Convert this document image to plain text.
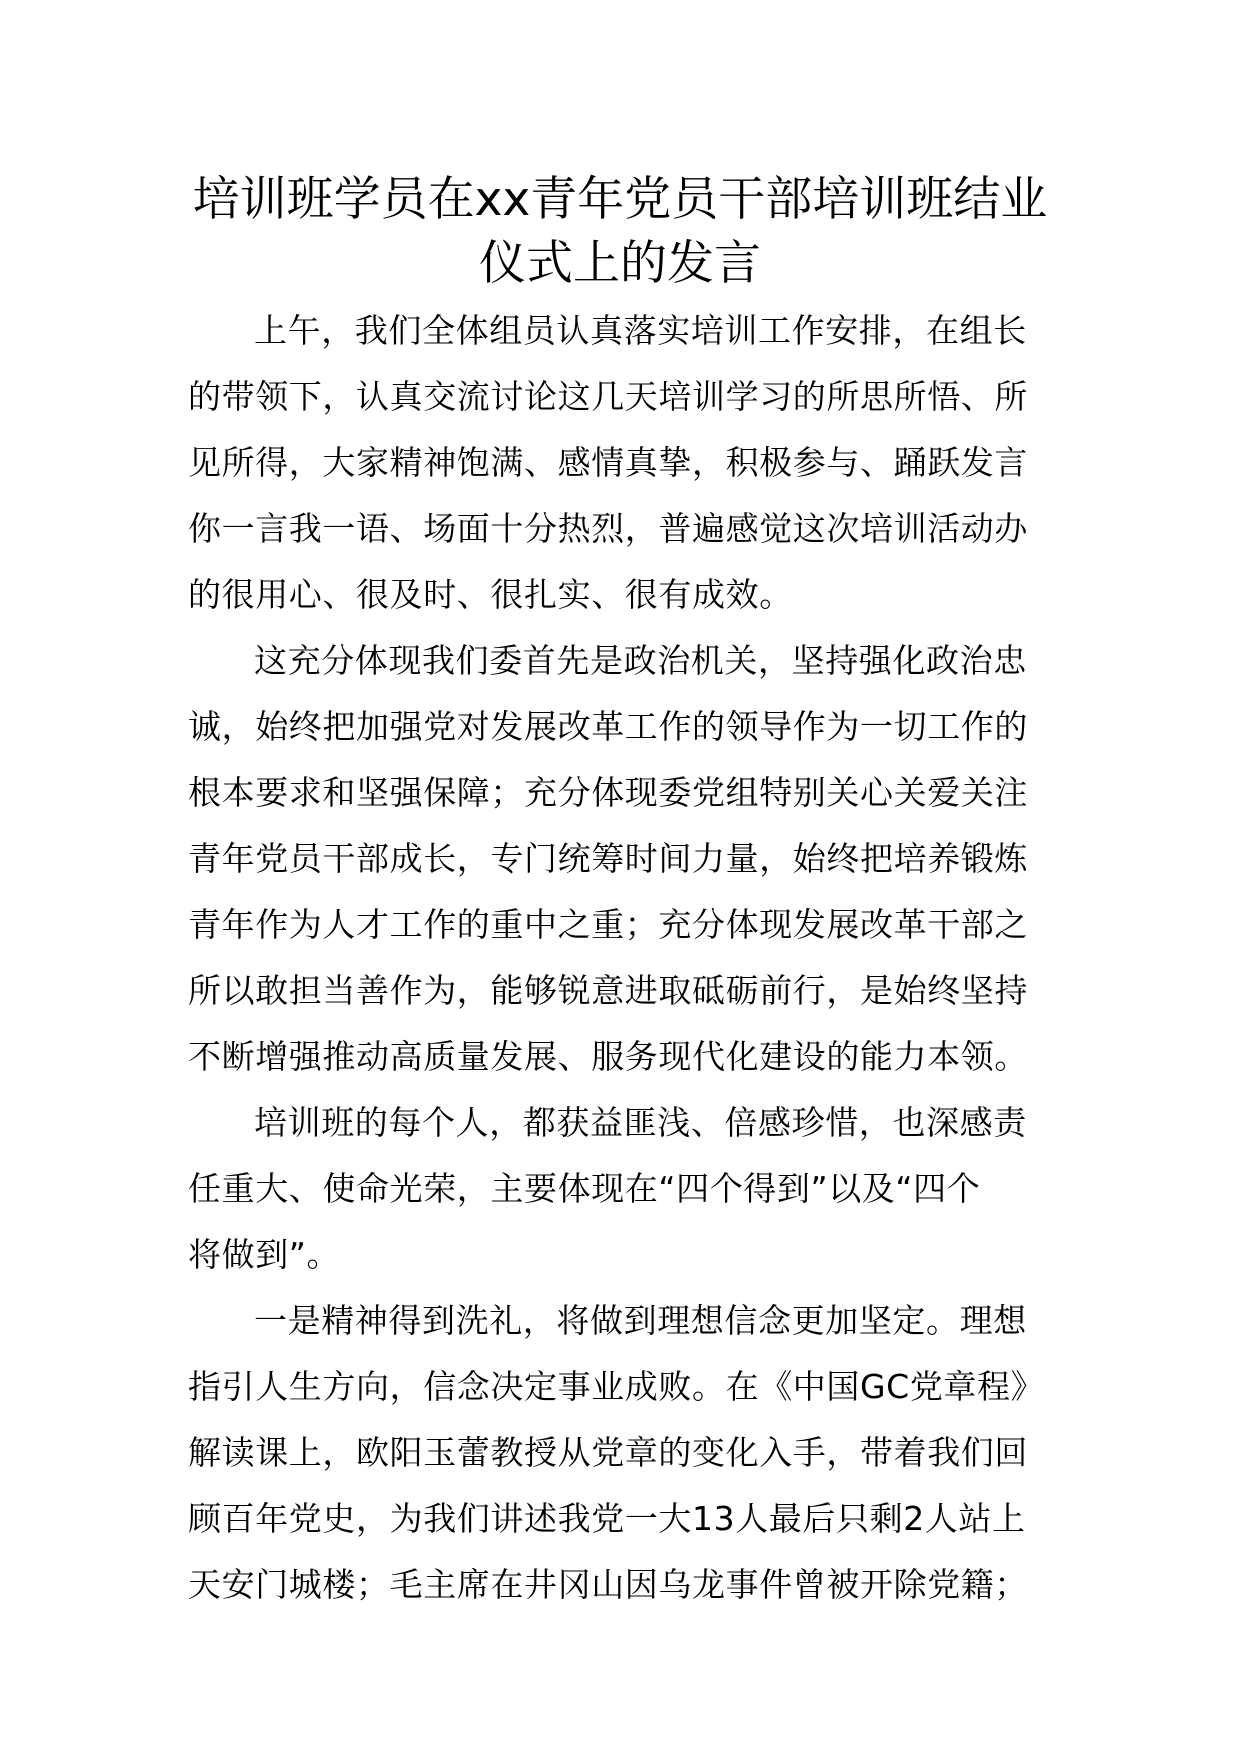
培训班学员在xx青年党员干部培训班结业
仪式上的发言
上午，我们全体组员认真落实培训工作安排，在组长
的带领下，认真交流讨论这几天培训学习的所思所悟、所
见所得，大家精神饱满、感情真挚，积极参与、踊跃发言
你一言我一语、场面十分热烈，普遍感觉这次培训活动办
的很用心、很及时、很扎实、很有成效。
这充分体现我们委首先是政治机关，坚持强化政治忠
诚，始终把加强党对发展改革工作的领导作为一切工作的
根本要求和坚强保障；充分体现委党组特别关心关爱关注
青年党员干部成长，专门统筹时间力量，始终把培养锻炼
青年作为人才工作的重中之重；充分体现发展改革干部之
所以敢担当善作为，能够锐意进取砥砺前行，是始终坚持
不断增强推动高质量发展、服务现代化建设的能力本领。
培训班的每个人，都获益匪浅、倍感珍惜，也深感责
任重大、使命光荣，主要体现在“四个得到”以及“四个
将做到”。
一是精神得到洗礼，将做到理想信念更加坚定。理想
指引人生方向，信念决定事业成败。在《中国GC党章程》
解读课上，欧阳玉蕾教授从党章的变化入手，带着我们回
顾百年党史，为我们讲述我党一大13人最后只剩2人站上
天安门城楼；毛主席在井冈山因乌龙事件曾被开除党籍；
